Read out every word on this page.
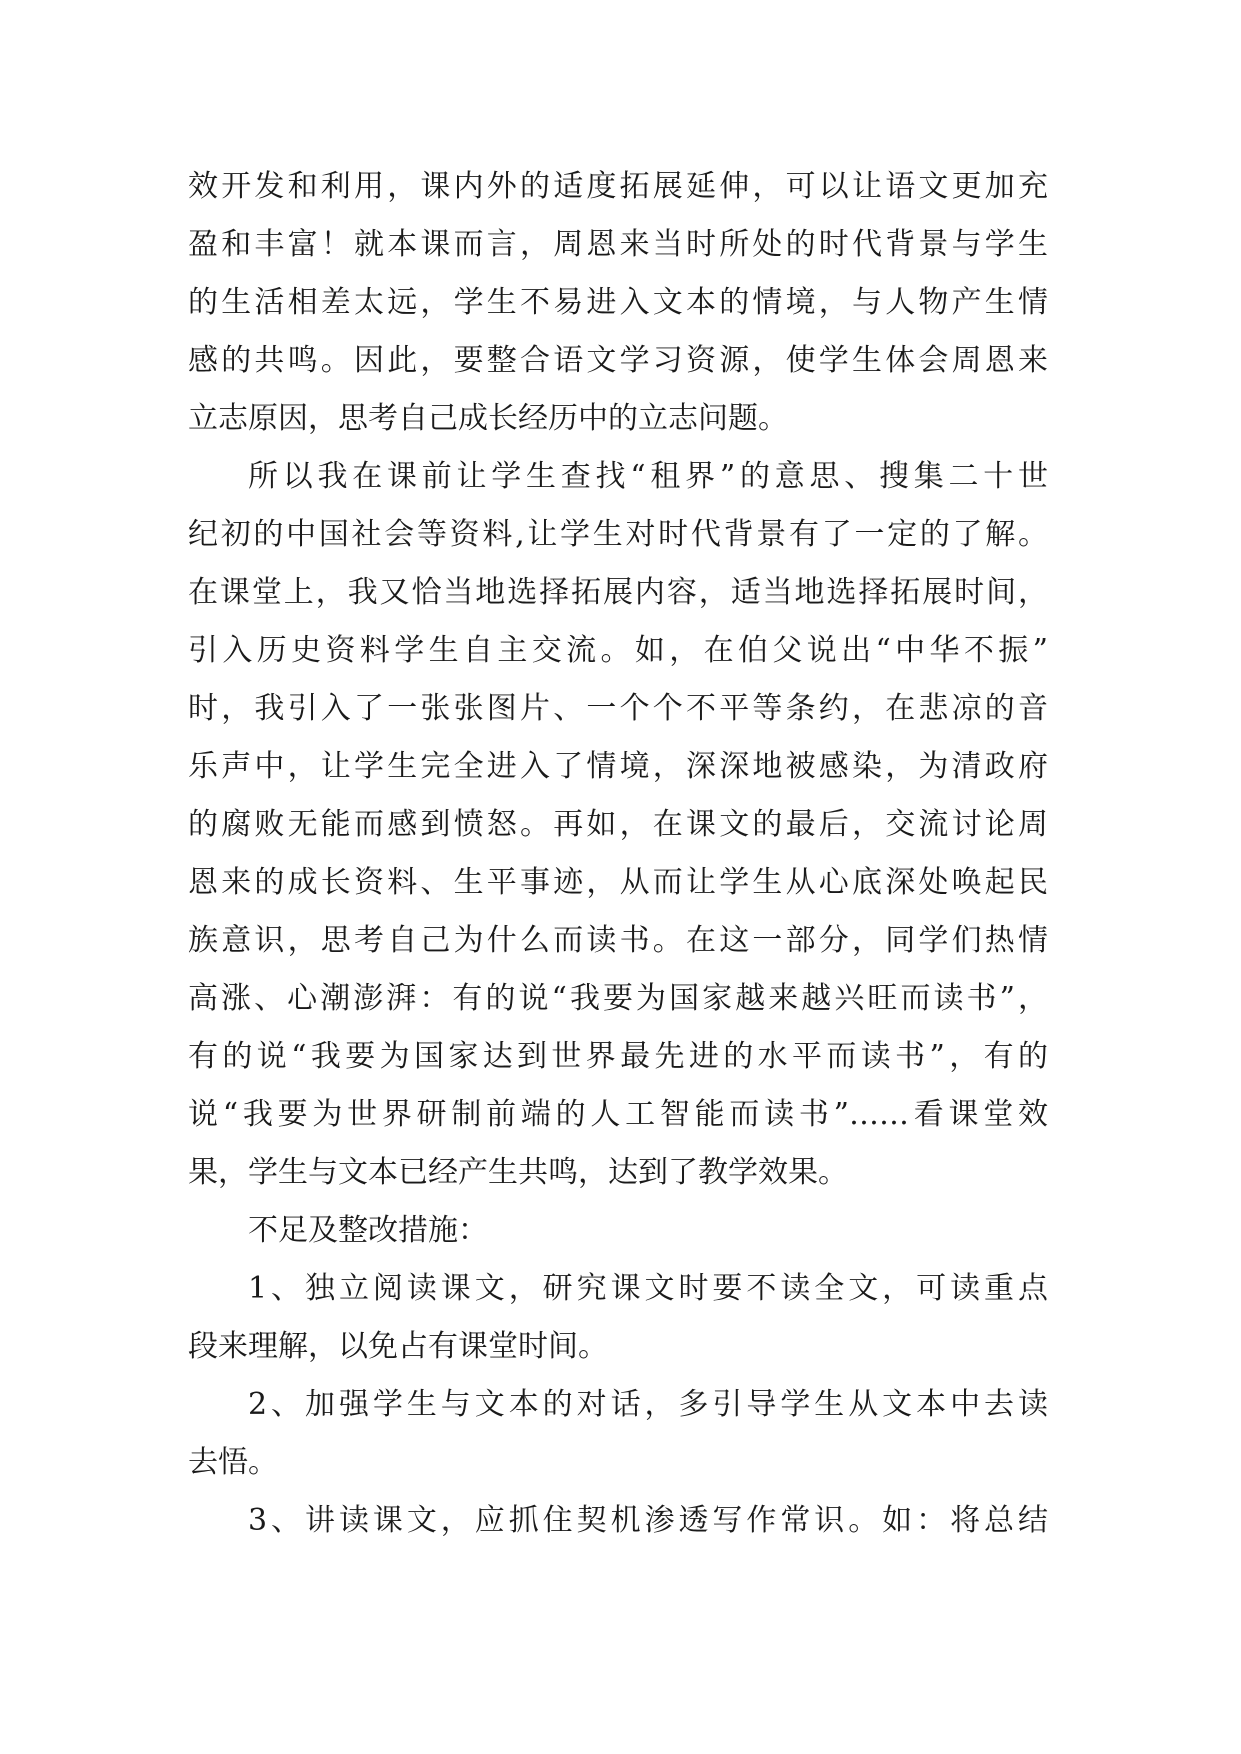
效开发和利用，课内外的适度拓展延伸，可以让语文更加充
盈和丰富！就本课而言，周恩来当时所处的时代背景与学生
的生活相差太远，学生不易进入文本的情境，与人物产生情
感的共鸣。因此，要整合语文学习资源，使学生体会周恩来
立志原因，思考自己成长经历中的立志问题。
所以我在课前让学生查找“租界”的意思、搜集二十世
纪初的中国社会等资料,让学生对时代背景有了一定的了解。
在课堂上，我又恰当地选择拓展内容，适当地选择拓展时间，
引入历史资料学生自主交流。如，在伯父说出“中华不振”
时，我引入了一张张图片、一个个不平等条约，在悲凉的音
乐声中，让学生完全进入了情境，深深地被感染，为清政府
的腐败无能而感到愤怒。再如，在课文的最后，交流讨论周
恩来的成长资料、生平事迹，从而让学生从心底深处唤起民
族意识，思考自己为什么而读书。在这一部分，同学们热情
高涨、心潮澎湃：有的说“我要为国家越来越兴旺而读书”，
有的说“我要为国家达到世界最先进的水平而读书”，有的
说“我要为世界研制前端的人工智能而读书”……看课堂效
果，学生与文本已经产生共鸣，达到了教学效果。
不足及整改措施：
1、独立阅读课文，研究课文时要不读全文，可读重点
段来理解，以免占有课堂时间。
2、加强学生与文本的对话，多引导学生从文本中去读
去悟。
3、讲读课文，应抓住契机渗透写作常识。如：将总结
